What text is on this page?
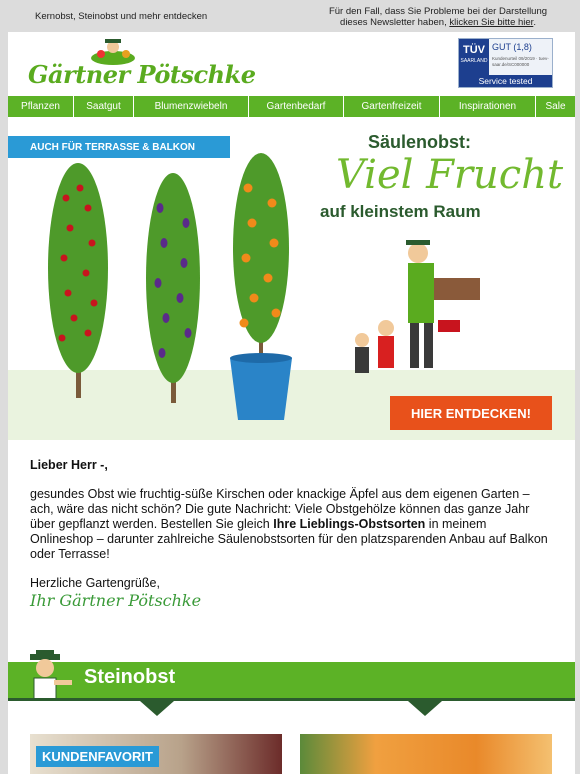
Kernobst, Steinobst und mehr entdecken	Für den Fall, dass Sie Probleme bei der Darstellung
dieses Newsletter haben, klicken Sie bitte hier.
Gärtner Pötschke
TÜV
SAARLAND
GUT (1,8)
Kundenurteil 09/2019 · tuev-saar.de/SC000000
Service tested
Pflanzen	Saatgut	Blumenzwiebeln	Gartenbedarf	Gartenfreizeit	Inspirationen	Sale
AUCH FÜR TERRASSE & BALKON	Säulenobst:
Viel Frucht
auf kleinstem Raum
HIER ENTDECKEN!
Lieber Herr -,
gesundes Obst wie fruchtig-süße Kirschen oder knackige Äpfel aus dem eigenen Garten – ach, wäre das nicht schön? Die gute Nachricht: Viele Obstgehölze können das ganze Jahr über gepflanzt werden. Bestellen Sie gleich Ihre Lieblings-Obstsorten in meinem Onlineshop – darunter zahlreiche Säulenobstsorten für den platzsparenden Anbau auf Balkon oder Terrasse!
Herzliche Gartengrüße,
Ihr Gärtner Pötschke
Steinobst
KUNDENFAVORIT
